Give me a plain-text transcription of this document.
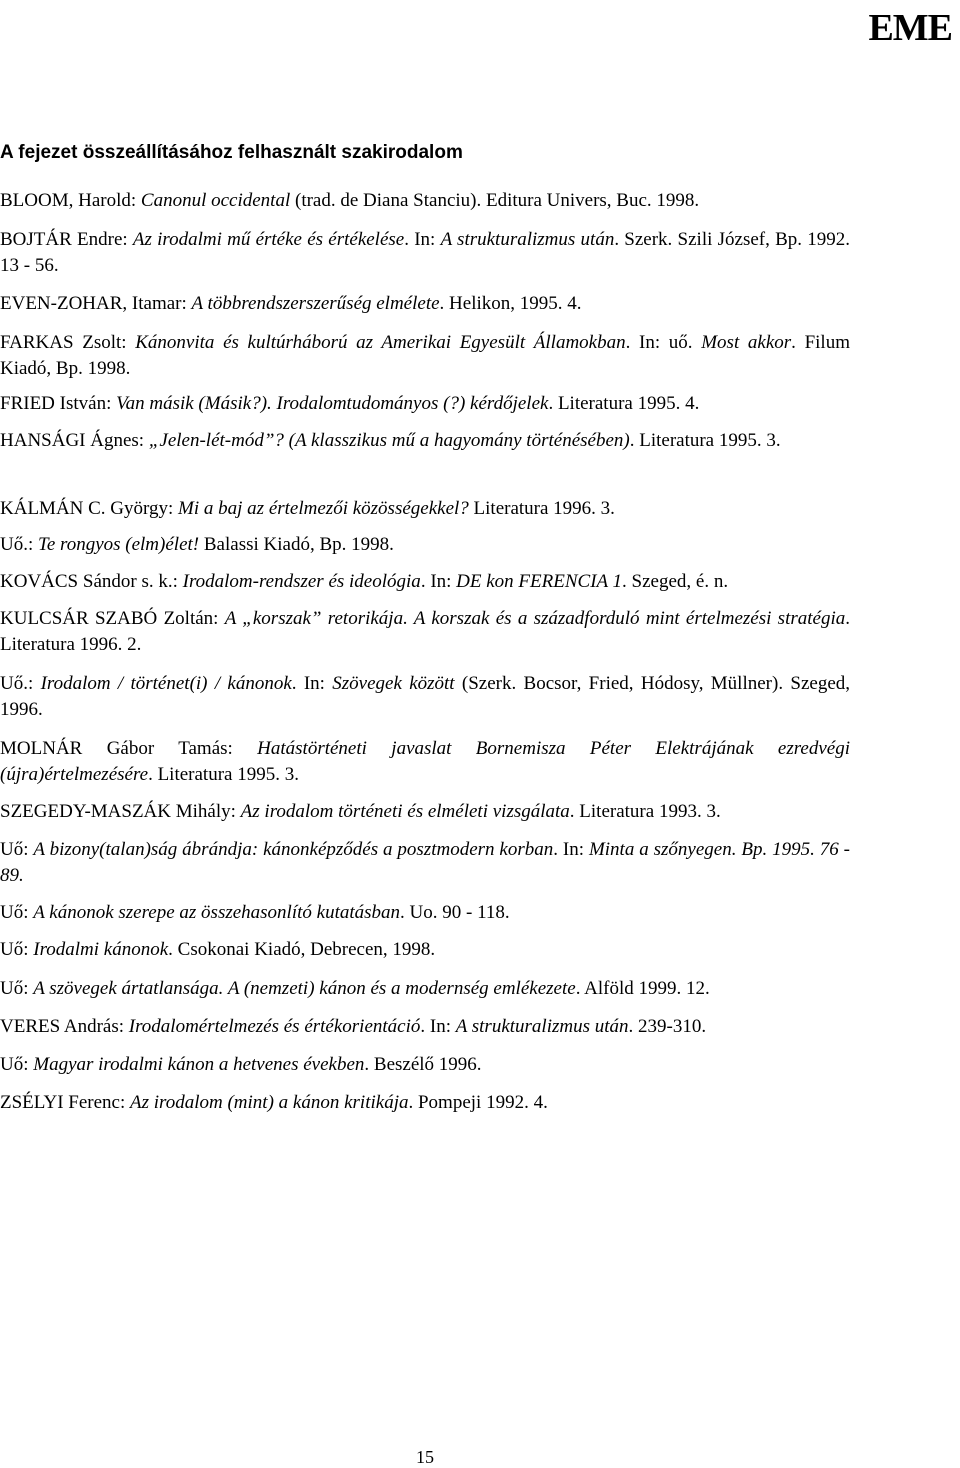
EME
A fejezet összeállításához felhasznált szakirodalom
BLOOM, Harold: Canonul occidental (trad. de Diana Stanciu). Editura Univers, Buc. 1998.
BOJTÁR Endre: Az irodalmi mű értéke és értékelése. In: A strukturalizmus után. Szerk. Szili József, Bp. 1992. 13 - 56.
EVEN-ZOHAR, Itamar: A többrendszerszerűség elmélete. Helikon, 1995. 4.
FARKAS Zsolt: Kánonvita és kultúrháború az Amerikai Egyesült Államokban. In: uő. Most akkor. Filum Kiadó, Bp. 1998.
FRIED István: Van másik (Másik?). Irodalomtudományos (?) kérdőjelek. Literatura 1995. 4.
HANSÁGI Ágnes: „Jelen-lét-mód”? (A klasszikus mű a hagyomány történésében). Literatura 1995. 3.
KÁLMÁN C. György: Mi a baj az értelmezői közösségekkel? Literatura 1996. 3.
Uő.: Te rongyos (elm)élet! Balassi Kiadó, Bp. 1998.
KOVÁCS Sándor s. k.: Irodalom-rendszer és ideológia. In: DE kon FERENCIA 1. Szeged, é. n.
KULCSÁR SZABÓ Zoltán: A „korszak” retorikája. A korszak és a századforduló mint értelmezési stratégia. Literatura 1996. 2.
Uő.: Irodalom / történet(i) / kánonok. In: Szövegek között (Szerk. Bocsor, Fried, Hódosy, Müllner). Szeged, 1996.
MOLNÁR Gábor Tamás: Hatástörténeti javaslat Bornemisza Péter Elektrájának ezredvégi (újra)értelmezésére. Literatura 1995. 3.
SZEGEDY-MASZÁK Mihály: Az irodalom történeti és elméleti vizsgálata. Literatura 1993. 3.
Uő: A bizony(talan)ság ábrándja: kánonképződés a posztmodern korban. In: Minta a szőnyegen. Bp. 1995. 76 - 89.
Uő: A kánonok szerepe az összehasonlító kutatásban. Uo. 90 - 118.
Uő: Irodalmi kánonok. Csokonai Kiadó, Debrecen, 1998.
Uő: A szövegek ártatlansága. A (nemzeti) kánon és a modernség emlékezete. Alföld 1999. 12.
VERES András: Irodalomértelmezés és értékorientáció. In: A strukturalizmus után. 239-310.
Uő: Magyar irodalmi kánon a hetvenes években. Beszélő 1996.
ZSÉLYI Ferenc: Az irodalom (mint) a kánon kritikája. Pompeji 1992. 4.
15
